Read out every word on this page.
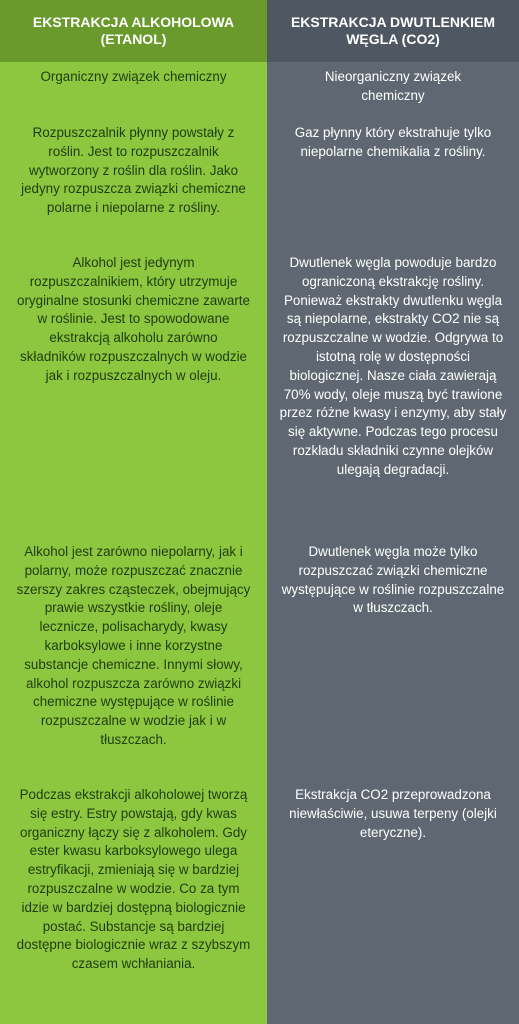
EKSTRAKCJA ALKOHOLOWA (ETANOL)
Organiczny związek chemiczny
Rozpuszczalnik płynny powstały z roślin. Jest to rozpuszczalnik wytworzony z roślin dla roślin. Jako jedyny rozpuszcza związki chemiczne polarne i niepolarne z rośliny.
Alkohol jest jedynym rozpuszczalnikiem, który utrzymuje oryginalne stosunki chemiczne zawarte w roślinie. Jest to spowodowane ekstrakcją alkoholu zarówno składników rozpuszczalnych w wodzie jak i rozpuszczalnych w oleju.
Alkohol jest zarówno niepolarny, jak i polarny, może rozpuszczać znacznie szerszy zakres cząsteczek, obejmujący prawie wszystkie rośliny, oleje lecznicze, polisacharydy, kwasy karboksylowe i inne korzystne substancje chemiczne. Innymi słowy, alkohol rozpuszcza zarówno związki chemiczne występujące w roślinie rozpuszczalne w wodzie jak i w tłuszczach.
Podczas ekstrakcji alkoholowej tworzą się estry. Estry powstają, gdy kwas organiczny łączy się z alkoholem. Gdy ester kwasu karboksylowego ulega estryfikacji, zmieniają się w bardziej rozpuszczalne w wodzie. Co za tym idzie w bardziej dostępną biologicznie postać. Substancje są bardziej dostępne biologicznie wraz z szybszym czasem wchłaniania.
EKSTRAKCJA DWUTLENKIEM WĘGLA (CO2)
Nieorganiczny związek chemiczny
Gaz płynny który ekstrahuje tylko niepolarne chemikalia z rośliny.
Dwutlenek węgla powoduje bardzo ograniczoną ekstrakcję rośliny. Ponieważ ekstrakty dwutlenku węgla są niepolarne, ekstrakty CO2 nie są rozpuszczalne w wodzie. Odgrywa to istotną rolę w dostępności biologicznej. Nasze ciała zawierają 70% wody, oleje muszą być trawione przez różne kwasy i enzymy, aby stały się aktywne. Podczas tego procesu rozkładu składniki czynne olejków ulegają degradacji.
Dwutlenek węgla może tylko rozpuszczać związki chemiczne występujące w roślinie rozpuszczalne w tłuszczach.
Ekstrakcja CO2 przeprowadzona niewłaściwie, usuwa terpeny (olejki eteryczne).
